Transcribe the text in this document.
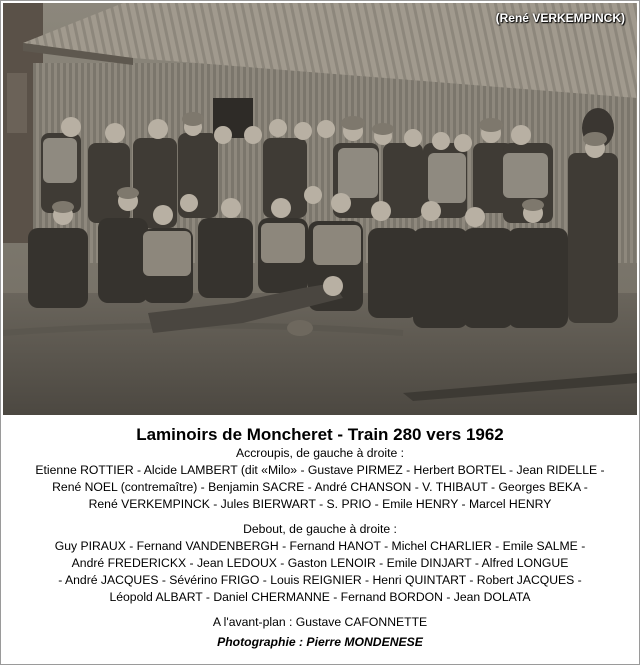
(René VERKEMPINCK)
Laminoirs de Moncheret - Train 280 vers 1962

Accroupis, de gauche à droite :

Etienne ROTTIER - Alcide LAMBERT (dit «Milo» - Gustave PIRMEZ - Herbert BORTEL - Jean RIDELLE -

René NOEL (contremaître) - Benjamin SACRE - André CHANSON - V. THIBAUT - Georges BEKA -

René VERKEMPINCK - Jules BIERWART - S. PRIO - Emile HENRY - Marcel HENRY

Debout, de gauche à droite :

Guy PIRAUX - Fernand VANDENBERGH - Fernand HANOT - Michel CHARLIER - Emile SALME -

André FREDERICKX - Jean LEDOUX - Gaston LENOIR - Emile DINJART - Alfred LONGUE

- André JACQUES - Sévérino FRIGO - Louis REIGNIER - Henri QUINTART - Robert JACQUES -

Léopold ALBART - Daniel CHERMANNE - Fernand BORDON - Jean DOLATA

A l'avant-plan : Gustave CAFONNETTE

Photographie : Pierre MONDENESE
